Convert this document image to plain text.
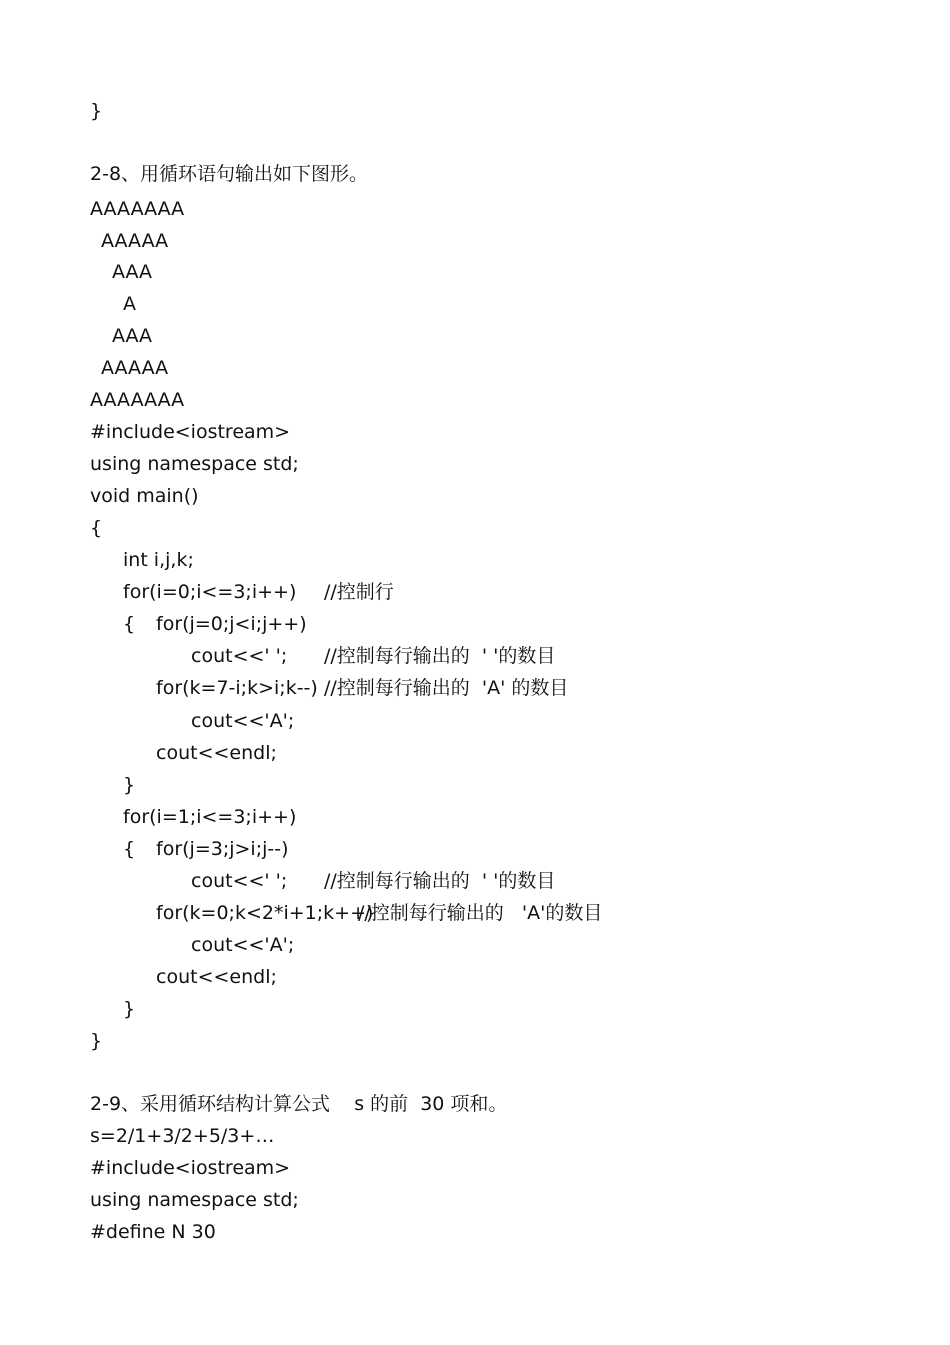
}
2-8、用循环语句输出如下图形。
AAAAAAA
AAAAA
AAA
A
AAA
AAAAA
AAAAAAA
#include<iostream>
using namespace std;
void main()
{
int i,j,k;
for(i=0;i<=3;i++) //控制行
{ for(j=0;j<i;j++)
cout<<' '; //控制每行输出的  ' '的数目
for(k=7-i;k>i;k--) //控制每行输出的  'A' 的数目
cout<<'A';
cout<<endl;
}
for(i=1;i<=3;i++)
{ for(j=3;j>i;j--)
cout<<' '; //控制每行输出的  ' '的数目
for(k=0;k<2*i+1;k++)
//控制每行输出的   'A'的数目
cout<<'A';
cout<<endl;
}
}
2-9、采用循环结构计算公式    s 的前  30 项和。
s=2/1+3/2+5/3+…
#include<iostream>
using namespace std;
#define N 30
